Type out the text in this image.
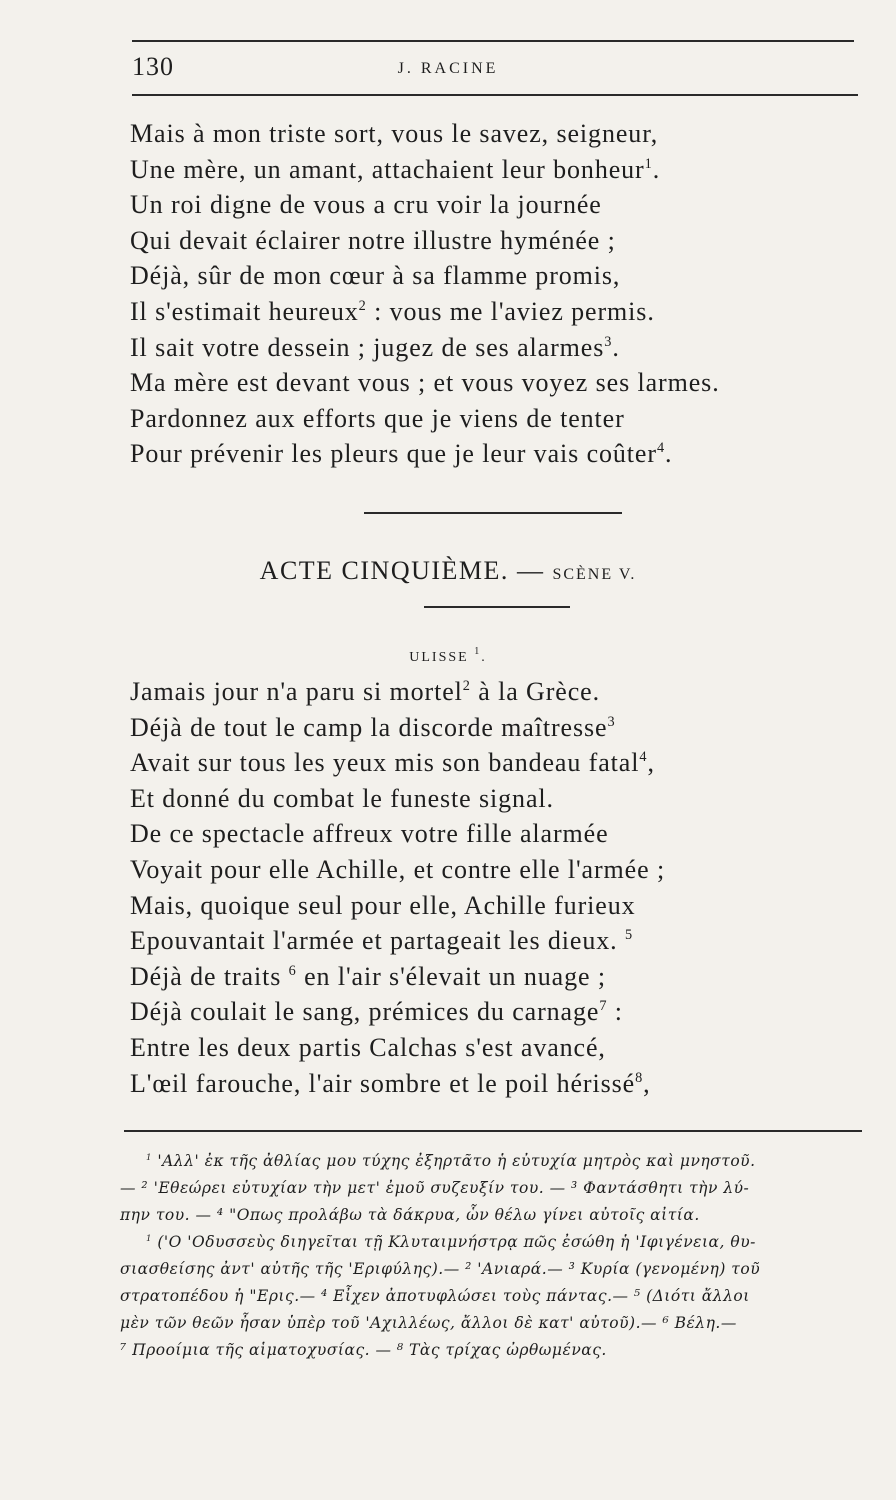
130	J. RACINE
Mais à mon triste sort, vous le savez, seigneur,
Une mère, un amant, attachaient leur bonheur$^1$.
Un roi digne de vous a cru voir la journée
Qui devait éclairer notre illustre hyménée ;
Déjà, sûr de mon cœur à sa flamme promis,
Il s'estimait heureux$^2$ : vous me l'aviez permis.
Il sait votre dessein ; jugez de ses alarmes$^3$.
Ma mère est devant vous ; et vous voyez ses larmes.
Pardonnez aux efforts que je viens de tenter
Pour prévenir les pleurs que je leur vais coûter$^4$.
ACTE CINQUIÈME. — SCÈNE V.
ULISSE $^1$.
Jamais jour n'a paru si mortel$^2$ à la Grèce.
Déjà de tout le camp la discorde maîtresse$^3$
Avait sur tous les yeux mis son bandeau fatal$^4$,
Et donné du combat le funeste signal.
De ce spectacle affreux votre fille alarmée
Voyait pour elle Achille, et contre elle l'armée ;
Mais, quoique seul pour elle, Achille furieux
Epouvantait l'armée et partageait les dieux. $^5$
Déjà de traits $^6$ en l'air s'élevait un nuage ;
Déjà coulait le sang, prémices du carnage$^7$ :
Entre les deux partis Calchas s'est avancé,
L'œil farouche, l'air sombre et le poil hérissé$^8$,
$^1$ 'Αλλ' ἐκ τῆς ἀθλίας μου τύχης ἐξηρτᾶτο ἡ εὐτυχία μητρὸς καὶ μνηστοῦ.
— ² 'Εθεώρει εὐτυχίαν τὴν μετ' ἐμοῦ συζευξίν του. — ³ Φαντάσθητι τὴν λύ-
πην του. — ⁴ "Οπως προλάβω τὰ δάκρυα, ὧν θέλω γίνει αὐτοῖς αἰτία.
$^1$ ('Ο 'Οδυσσεὺς διηγεῖται τῇ Κλυταιμνήστρᾳ πῶς ἐσώθη ἡ 'Ιφιγένεια, θυ-
σιασθείσης ἀντ' αὐτῆς τῆς 'Εριφύλης).— ² 'Ανιαρά.— ³ Κυρία (γενομένη) τοῦ
στρατοπέδου ἡ "Ερις.— ⁴ Εἶχεν ἀποτυφλώσει τοὺς πάντας.— ⁵ (Διότι ἄλλοι
μὲν τῶν θεῶν ἦσαν ὑπὲρ τοῦ 'Αχιλλέως, ἄλλοι δὲ κατ' αὐτοῦ).— ⁶ Βέλη.—
⁷ Προοίμια τῆς αἱματοχυσίας. — ⁸ Τὰς τρίχας ὠρθωμένας.
